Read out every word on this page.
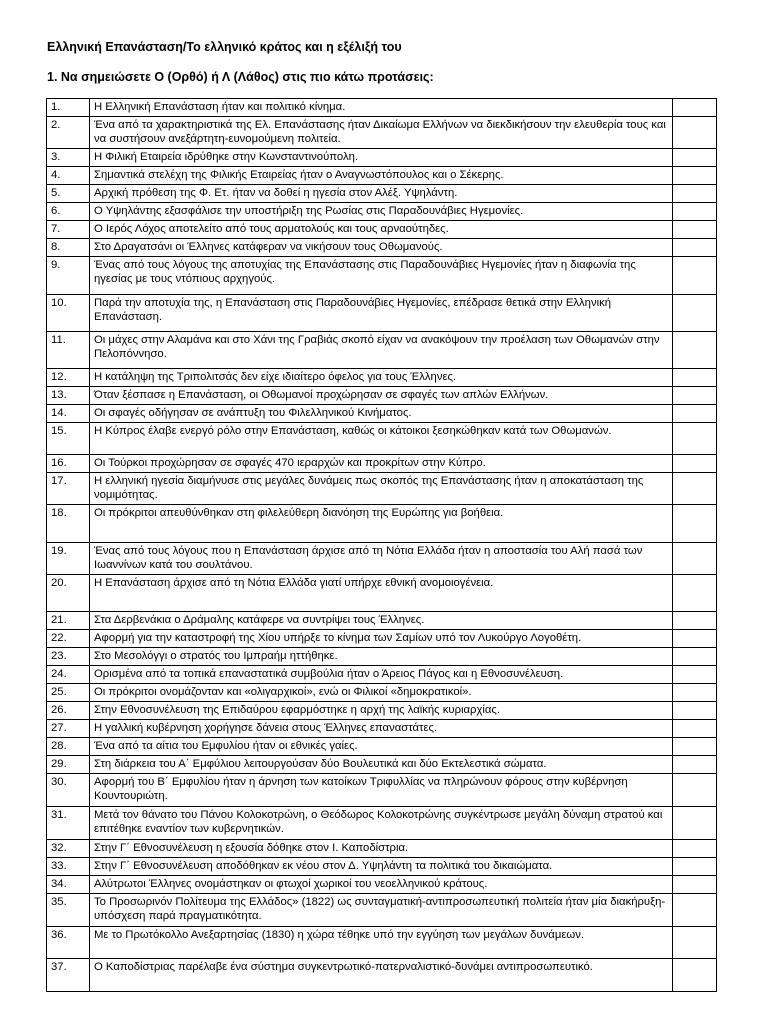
Ελληνική Επανάσταση/Το ελληνικό κράτος και η εξέλιξή του
1. Να σημειώσετε Ο (Ορθό) ή Λ (Λάθος) στις πιο κάτω προτάσεις:
1.	Η Ελληνική Επανάσταση ήταν και πολιτικό κίνημα.	
2.	Ένα από τα χαρακτηριστικά της Ελ. Επανάστασης ήταν Δικαίωμα Ελλήνων να διεκδικήσουν την ελευθερία τους και να συστήσουν ανεξάρτητη-ευνομούμενη πολιτεία.	
3.	Η Φιλική Εταιρεία ιδρύθηκε στην Κωνσταντινούπολη.	
4.	Σημαντικά στελέχη της Φιλικής Εταιρείας ήταν ο Αναγνωστόπουλος και ο Σέκερης.	
5.	Αρχική πρόθεση της Φ. Ετ. ήταν να δοθεί η ηγεσία στον Αλέξ. Υψηλάντη.	
6.	Ο Υψηλάντης εξασφάλισε την υποστήριξη της Ρωσίας στις Παραδουνάβιες Ηγεμονίες.	
7.	Ο Ιερός Λόχος αποτελείτο από τους αρματολούς και τους αρναούτηδες.	
8.	Στο Δραγατσάνι οι Έλληνες κατάφεραν να νικήσουν τους Οθωμανούς.	
9.	Ένας από τους λόγους της αποτυχίας της Επανάστασης στις Παραδουνάβιες Ηγεμονίες ήταν η διαφωνία της ηγεσίας με τους ντόπιους αρχηγούς.	
10.	Παρά την αποτυχία της, η Επανάσταση στις Παραδουνάβιες Ηγεμονίες, επέδρασε θετικά στην Ελληνική Επανάσταση.	
11.	Οι μάχες στην Αλαμάνα και στο Χάνι της Γραβιάς σκοπό είχαν να ανακόψουν την προέλαση των Οθωμανών στην Πελοπόννησο.	
12.	Η κατάληψη της Τριπολιτσάς δεν είχε ιδιαίτερο όφελος για τους Έλληνες.	
13.	Όταν ξέσπασε η Επανάσταση, οι Οθωμανοί προχώρησαν σε σφαγές των απλών Ελλήνων.	
14.	Οι σφαγές οδήγησαν σε ανάπτυξη του Φιλελληνικού Κινήματος.	
15.	Η Κύπρος έλαβε ενεργό ρόλο στην Επανάσταση, καθώς οι κάτοικοι ξεσηκώθηκαν κατά των Οθωμανών.	
16.	Οι Τούρκοι προχώρησαν σε σφαγές 470 ιεραρχών και προκρίτων στην Κύπρο.	
17.	Η ελληνική ηγεσία διαμήνυσε στις μεγάλες δυνάμεις πως σκοπός της Επανάστασης ήταν η αποκατάσταση της νομιμότητας.	
18.	Οι πρόκριτοι απευθύνθηκαν στη φιλελεύθερη διανόηση της Ευρώπης για βοήθεια.	
19.	Ένας από τους λόγους που η Επανάσταση άρχισε από τη Νότια Ελλάδα ήταν η αποστασία του Αλή πασά των Ιωαννίνων κατά του σουλτάνου.	
20.	Η Επανάσταση άρχισε από τη Νότια Ελλάδα γιατί υπήρχε εθνική ανομοιογένεια.	
21.	Στα Δερβενάκια ο Δράμαλης κατάφερε να συντρίψει τους Έλληνες.	
22.	Αφορμή για την καταστροφή της Χίου υπήρξε το κίνημα των Σαμίων υπό τον Λυκούργο Λογοθέτη.	
23.	Στο Μεσολόγγι ο στρατός του Ιμπραήμ ηττήθηκε.	
24.	Ορισμένα από τα τοπικά επαναστατικά συμβούλια ήταν ο Άρειος Πάγος και η Εθνοσυνέλευση.	
25.	Οι πρόκριτοι ονομάζονταν και «ολιγαρχικοί», ενώ οι Φιλικοί «δημοκρατικοί».	
26.	Στην Εθνοσυνέλευση της Επιδαύρου εφαρμόστηκε η αρχή της λαϊκής κυριαρχίας.	
27.	Η γαλλική κυβέρνηση χορήγησε δάνεια στους Έλληνες επαναστάτες.	
28.	Ένα από τα αίτια του Εμφυλίου ήταν οι εθνικές γαίες.	
29.	Στη διάρκεια του Α΄ Εμφύλιου λειτουργούσαν δύο Βουλευτικά και δύο Εκτελεστικά σώματα.	
30.	Αφορμή του Β΄ Εμφυλίου ήταν η άρνηση των κατοίκων Τριφυλλίας να πληρώνουν φόρους στην κυβέρνηση Κουντουριώτη.	
31.	Μετά τον θάνατο του Πάνου Κολοκοτρώνη, ο Θεόδωρος Κολοκοτρώνης συγκέντρωσε μεγάλη δύναμη στρατού και επιτέθηκε εναντίον των κυβερνητικών.	
32.	Στην Γ΄ Εθνοσυνέλευση η εξουσία δόθηκε στον Ι. Καποδίστρια.	
33.	Στην Γ΄ Εθνοσυνέλευση αποδόθηκαν εκ νέου στον Δ. Υψηλάντη τα πολιτικά του δικαιώματα.	
34.	Αλύτρωτοι Έλληνες ονομάστηκαν οι φτωχοί χωρικοί του νεοελληνικού κράτους.	
35.	Το Προσωρινόν Πολίτευμα της Ελλάδος» (1822) ως συνταγματική-αντιπροσωπευτική πολιτεία ήταν μία διακήρυξη-υπόσχεση παρά πραγματικότητα.	
36.	Με το Πρωτόκολλο Ανεξαρτησίας (1830) η χώρα τέθηκε υπό την εγγύηση των μεγάλων δυνάμεων.	
37.	Ο Καποδίστριας παρέλαβε ένα σύστημα συγκεντρωτικό-πατερναλιστικό-δυνάμει αντιπροσωπευτικό.	
